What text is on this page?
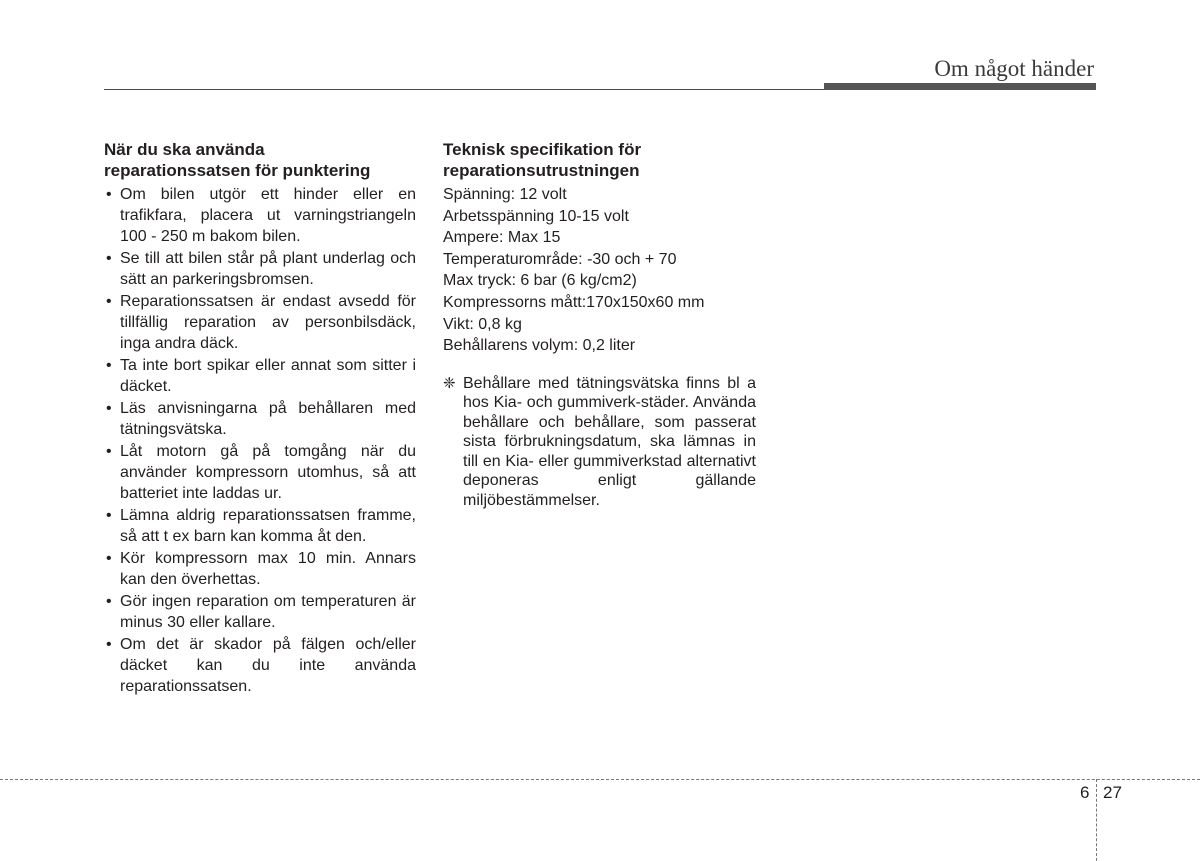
Om något händer
När du ska använda
reparationssatsen för punktering
• Om bilen utgör ett hinder eller en trafikfara, placera ut varningstriangeln 100 - 250 m bakom bilen.
• Se till att bilen står på plant underlag och sätt an parkeringsbromsen.
• Reparationssatsen är endast avsedd för tillfällig reparation av personbilsdäck, inga andra däck.
• Ta inte bort spikar eller annat som sitter i däcket.
• Läs anvisningarna på behållaren med tätningsvätska.
• Låt motorn gå på tomgång när du använder kompressorn utomhus, så att batteriet inte laddas ur.
• Lämna aldrig reparationssatsen framme, så att t ex barn kan komma åt den.
• Kör kompressorn max 10 min. Annars kan den överhettas.
• Gör ingen reparation om temperaturen är minus 30 eller kallare.
• Om det är skador på fälgen och/eller däcket kan du inte använda reparationssatsen.
Teknisk specifikation för
reparationsutrustningen

Spänning: 12 volt

Arbetsspänning 10-15 volt

Ampere: Max 15

Temperaturområde: -30 och + 70

Max tryck: 6 bar (6 kg/cm2)

Kompressorns mått:170x150x60 mm

Vikt: 0,8 kg

Behållarens volym: 0,2 liter

❈ Behållare med tätningsvätska finns bl a hos Kia- och gummiverk-städer. Använda behållare och behållare, som passerat sista förbrukningsdatum, ska lämnas in till en Kia- eller gummiverkstad alternativt deponeras enligt gällande miljöbestämmelser.
6 27
